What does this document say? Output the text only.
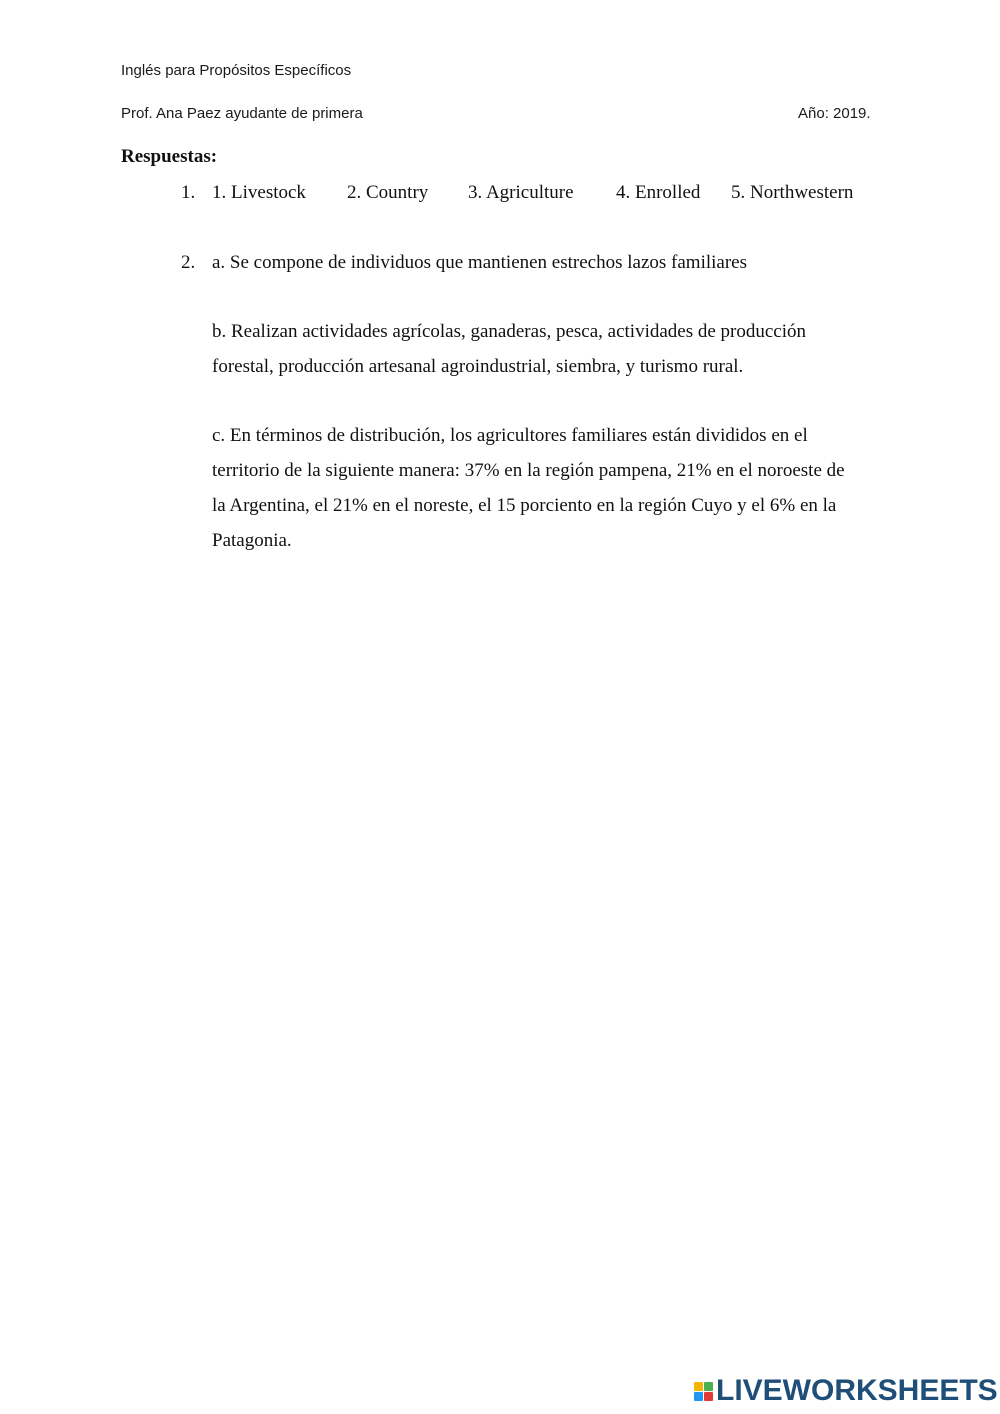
Inglés para Propósitos Específicos
Prof. Ana Paez ayudante de primera	Año: 2019.
Respuestas:
1. 1. Livestock 2. Country 3. Agriculture 4. Enrolled 5. Northwestern
2. a. Se compone de individuos que mantienen estrechos lazos familiares

b. Realizan actividades agrícolas, ganaderas, pesca, actividades de producción forestal, producción artesanal agroindustrial, siembra, y turismo rural.

c. En términos de distribución, los agricultores familiares están divididos en el territorio de la siguiente manera: 37% en la región pampena, 21% en el noroeste de la Argentina, el 21% en el noreste, el 15 porciento en la región Cuyo y el 6% en la Patagonia.

LIVEWORKSHEETS
